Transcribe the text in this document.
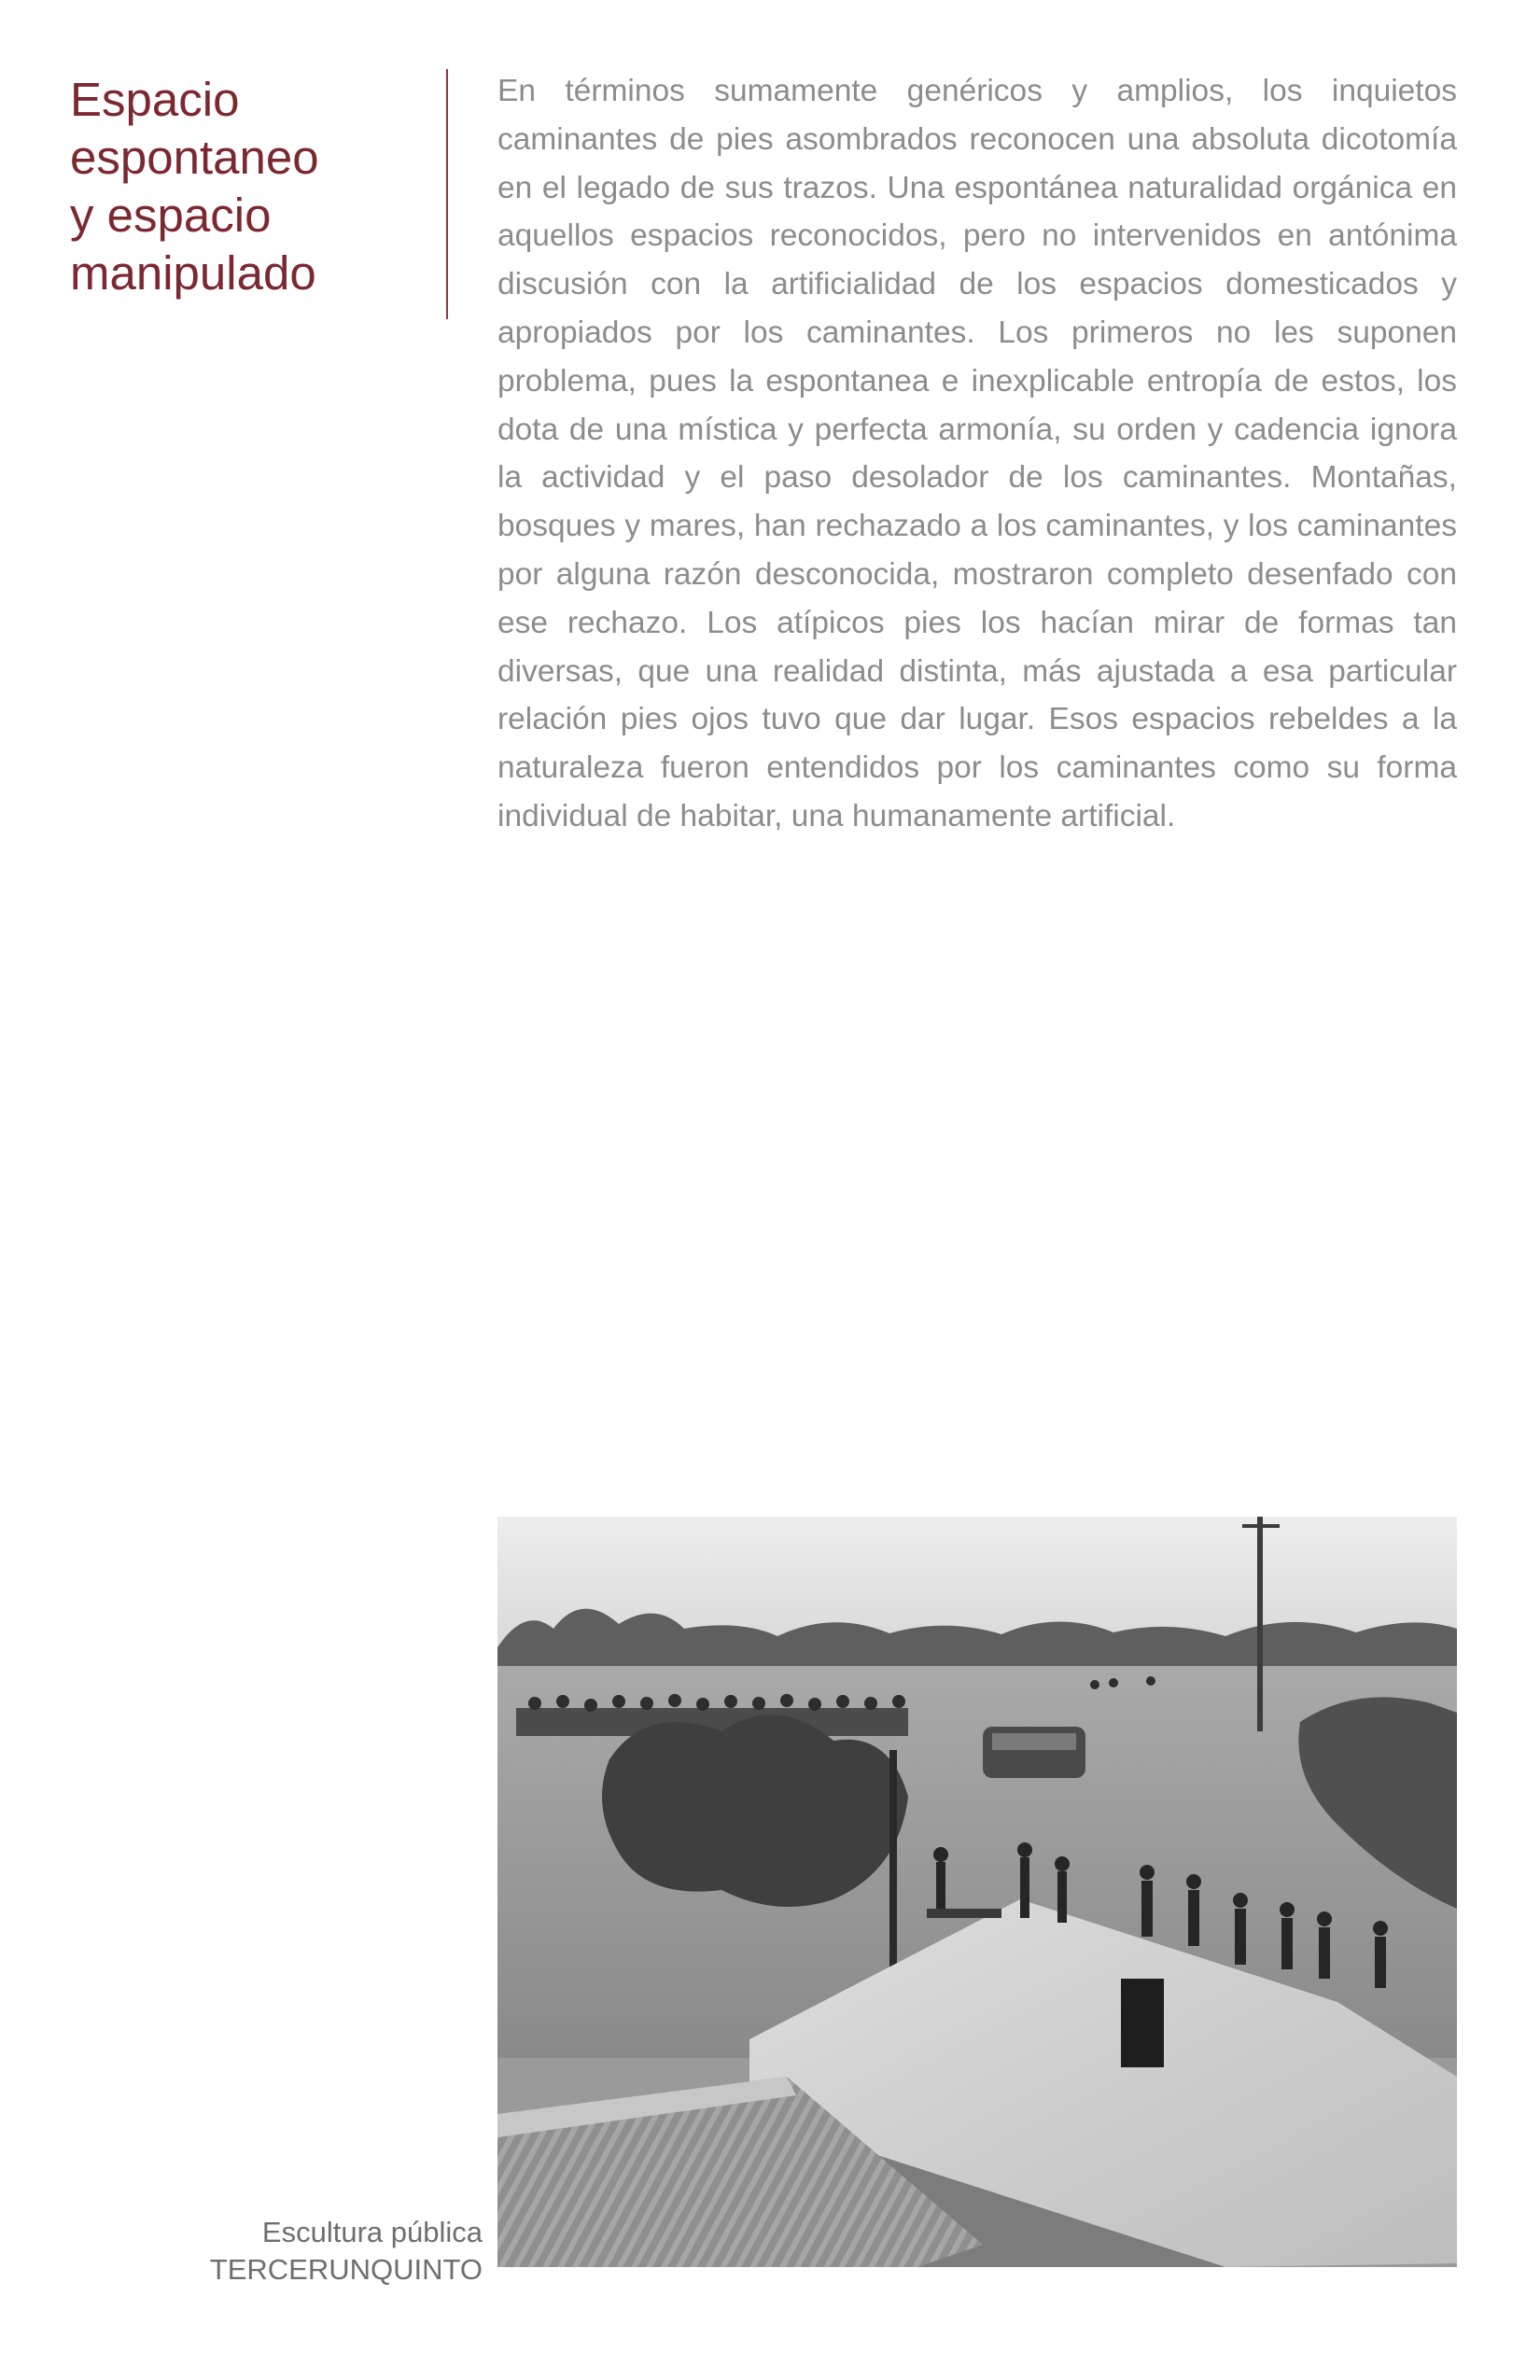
Espacio
espontaneo
y espacio
manipulado

En términos sumamente genéricos y amplios, los inquietos caminantes de pies asombrados reconocen una absoluta dicotomía en el legado de sus trazos. Una espontánea naturalidad orgánica en aquellos espacios reconocidos, pero no intervenidos en antónima discusión con la artificialidad de los espacios domesticados y apropiados por los caminantes. Los primeros no les suponen problema, pues la espontanea e inexplicable entropía de estos, los dota de una mística y perfecta armonía, su orden y cadencia ignora la actividad y el paso desolador de los caminantes. Montañas, bosques y mares, han rechazado a los caminantes, y los caminantes por alguna razón desconocida, mostraron completo desenfado con ese rechazo. Los atípicos pies los hacían mirar de formas tan diversas, que una realidad distinta, más ajustada a esa particular relación pies ojos tuvo que dar lugar. Esos espacios rebeldes a la naturaleza fueron entendidos por los caminantes como su forma individual de habitar, una humanamente artificial.

Escultura pública
TERCERUNQUINTO
